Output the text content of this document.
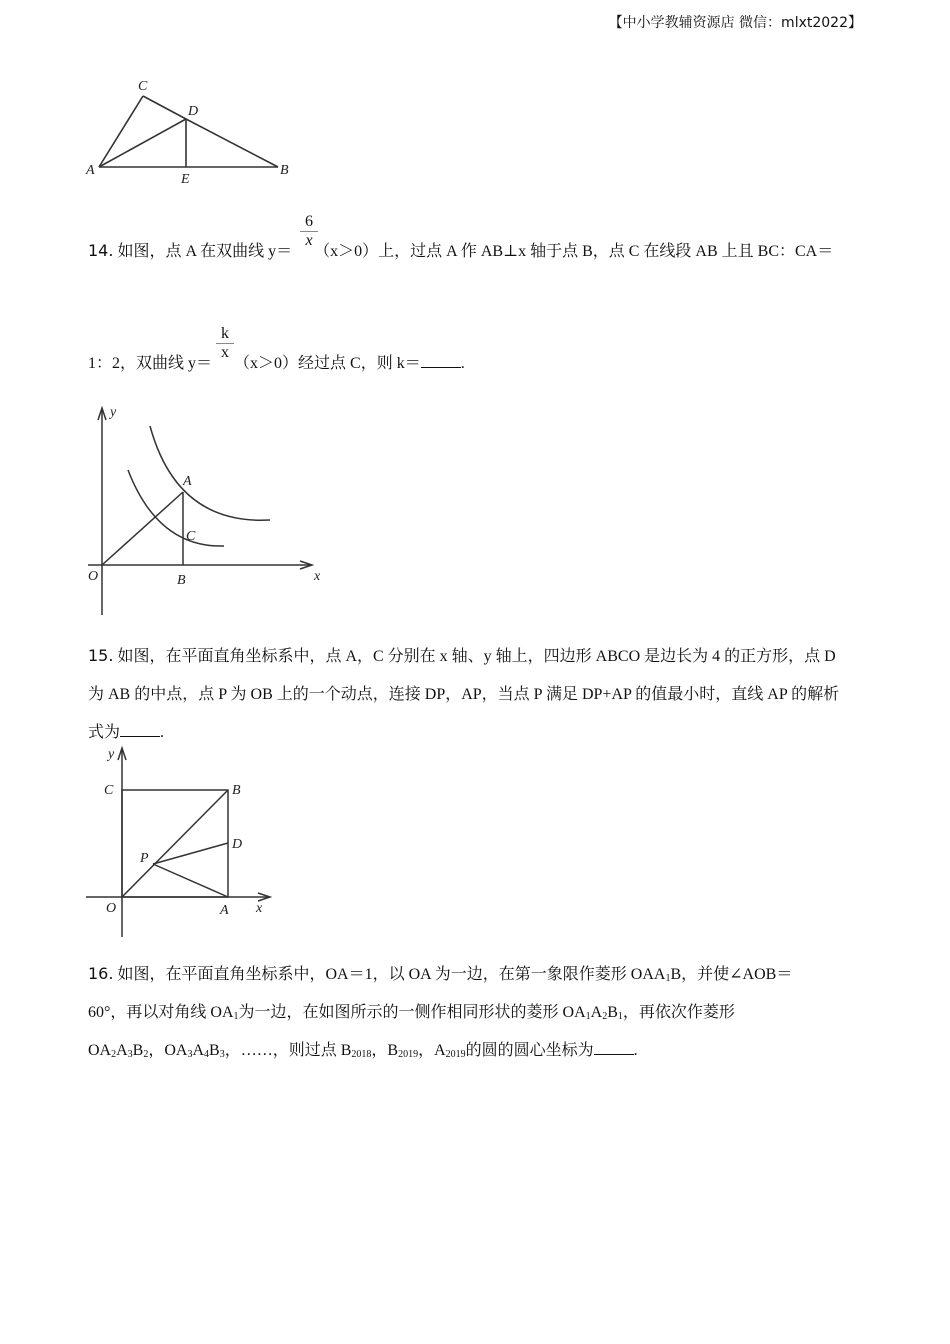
【中小学教辅资源店 微信：mlxt2022】
C
D
A
E
B
14. 如图，点 A 在双曲线 y＝ （x＞0）上，过点 A 作 AB⊥x 轴于点 B，点 C 在线段 AB 上且 BC：CA＝
6
x
1：2，双曲线 y＝ （x＞0）经过点 C，则 k＝	.
k
x
y
A
C
O	B	x
15. 如图，在平面直角坐标系中，点 A，C 分别在 x 轴、y 轴上，四边形 ABCO 是边长为 4 的正方形，点 D
为 AB 的中点，点 P 为 OB 上的一个动点，连接 DP，AP，当点 P 满足 DP+AP 的值最小时，直线 AP 的解析
式为	.
y
C	B
D
P
O	A x
16. 如图，在平面直角坐标系中，OA＝1，以 OA 为一边，在第一象限作菱形 $OAA_1B$，并使∠AOB＝
60°，再以对角线 $OA_1$为一边，在如图所示的一侧作相同形状的菱形 $OA_1A_2B_1$，再依次作菱形
$OA_2A_3B_2$，$OA_3A_4B_3$，……，则过点 $B_{2018}$，$B_{2019}$，$A_{2019}$的圆的圆心坐标为	.
